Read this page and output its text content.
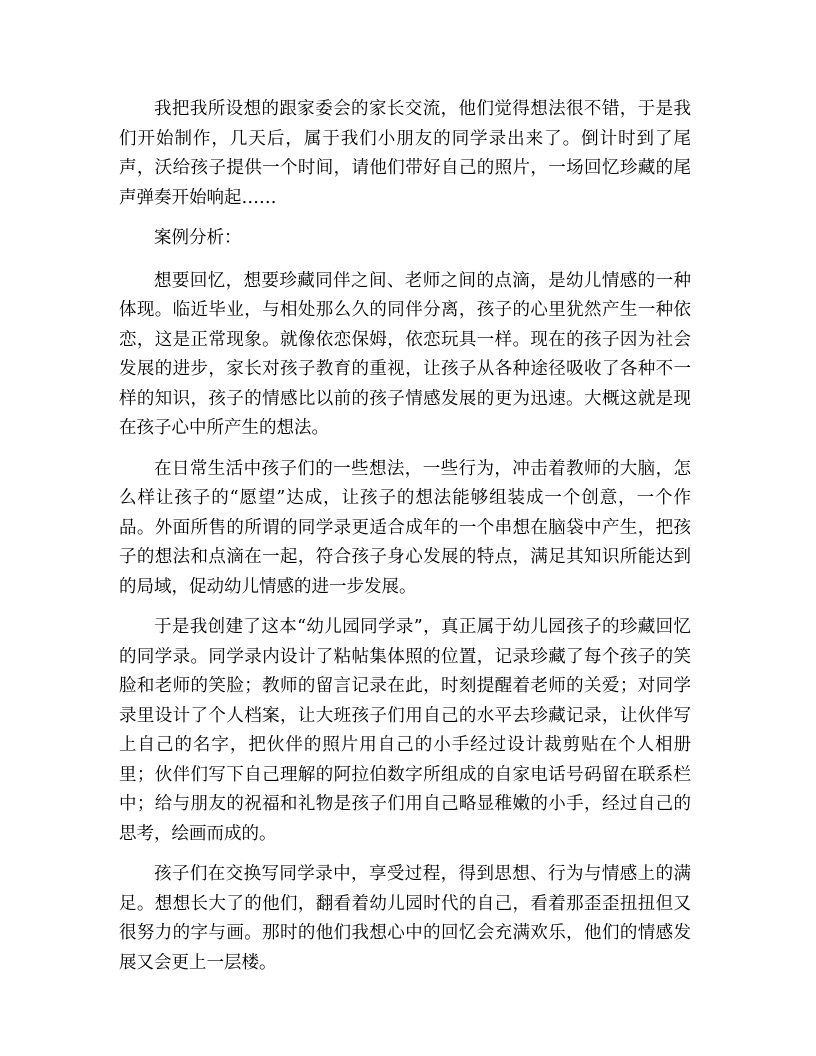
我把我所设想的跟家委会的家长交流，他们觉得想法很不错，于是我们开始制作，几天后，属于我们小朋友的同学录出来了。倒计时到了尾声，沃给孩子提供一个时间，请他们带好自己的照片，一场回忆珍藏的尾声弹奏开始响起……

案例分析：

想要回忆，想要珍藏同伴之间、老师之间的点滴，是幼儿情感的一种体现。临近毕业，与相处那么久的同伴分离，孩子的心里犹然产生一种依恋，这是正常现象。就像依恋保姆，依恋玩具一样。现在的孩子因为社会发展的进步，家长对孩子教育的重视，让孩子从各种途径吸收了各种不一样的知识，孩子的情感比以前的孩子情感发展的更为迅速。大概这就是现在孩子心中所产生的想法。

在日常生活中孩子们的一些想法，一些行为，冲击着教师的大脑，怎么样让孩子的“愿望”达成，让孩子的想法能够组装成一个创意，一个作品。外面所售的所谓的同学录更适合成年的一个串想在脑袋中产生，把孩子的想法和点滴在一起，符合孩子身心发展的特点，满足其知识所能达到的局域，促动幼儿情感的进一步发展。

于是我创建了这本“幼儿园同学录”，真正属于幼儿园孩子的珍藏回忆的同学录。同学录内设计了粘帖集体照的位置，记录珍藏了每个孩子的笑脸和老师的笑脸；教师的留言记录在此，时刻提醒着老师的关爱；对同学录里设计了个人档案，让大班孩子们用自己的水平去珍藏记录，让伙伴写上自己的名字，把伙伴的照片用自己的小手经过设计裁剪贴在个人相册里；伙伴们写下自己理解的阿拉伯数字所组成的自家电话号码留在联系栏中；给与朋友的祝福和礼物是孩子们用自己略显稚嫩的小手，经过自己的思考，绘画而成的。

孩子们在交换写同学录中，享受过程，得到思想、行为与情感上的满足。想想长大了的他们，翻看着幼儿园时代的自己，看着那歪歪扭扭但又很努力的字与画。那时的他们我想心中的回忆会充满欢乐，他们的情感发展又会更上一层楼。
